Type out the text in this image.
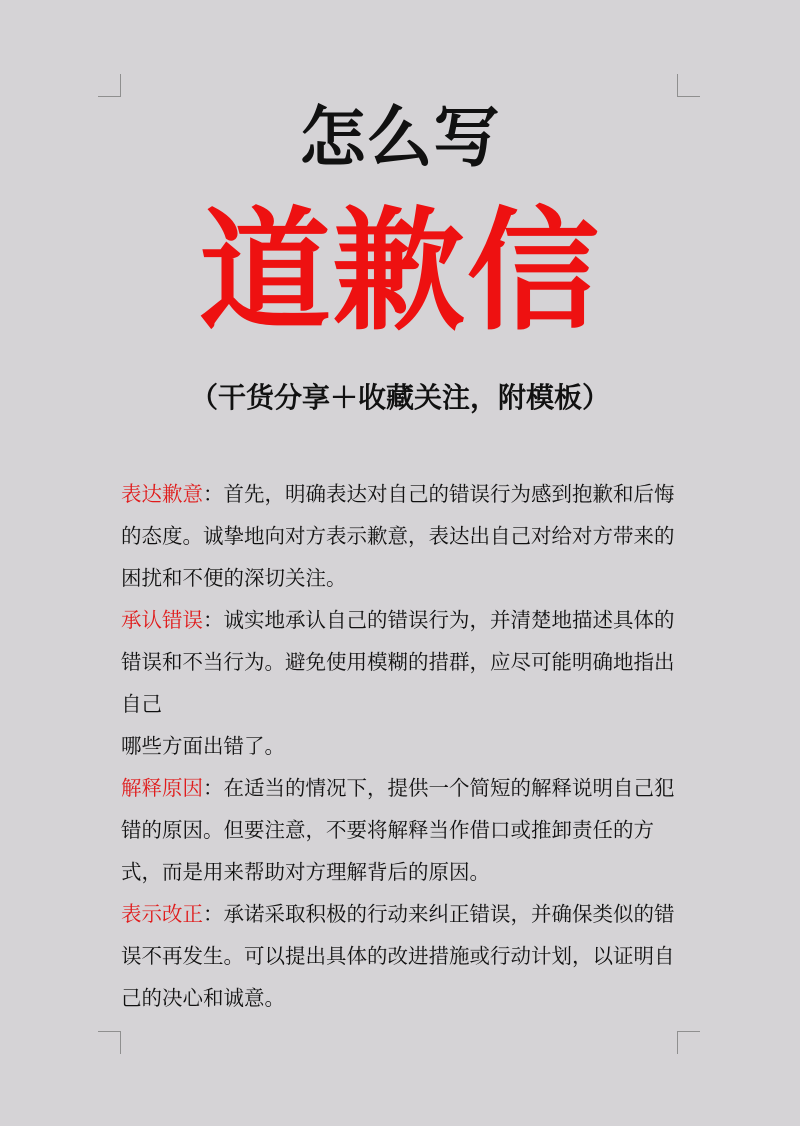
怎么写
道歉信
（干货分享＋收藏关注，附模板）

表达歉意：首先，明确表达对自己的错误行为感到抱歉和后悔的态度。诚挚地向对方表示歉意，表达出自己对给对方带来的困扰和不便的深切关注。

承认错误：诚实地承认自己的错误行为，并清楚地描述具体的错误和不当行为。避免使用模糊的措群，应尽可能明确地指出自己

哪些方面出错了。

解释原因：在适当的情况下，提供一个简短的解释说明自己犯错的原因。但要注意，不要将解释当作借口或推卸责任的方式，而是用来帮助对方理解背后的原因。

表示改正：承诺采取积极的行动来纠正错误，并确保类似的错误不再发生。可以提出具体的改进措施或行动计划，以证明自己的决心和诚意。
